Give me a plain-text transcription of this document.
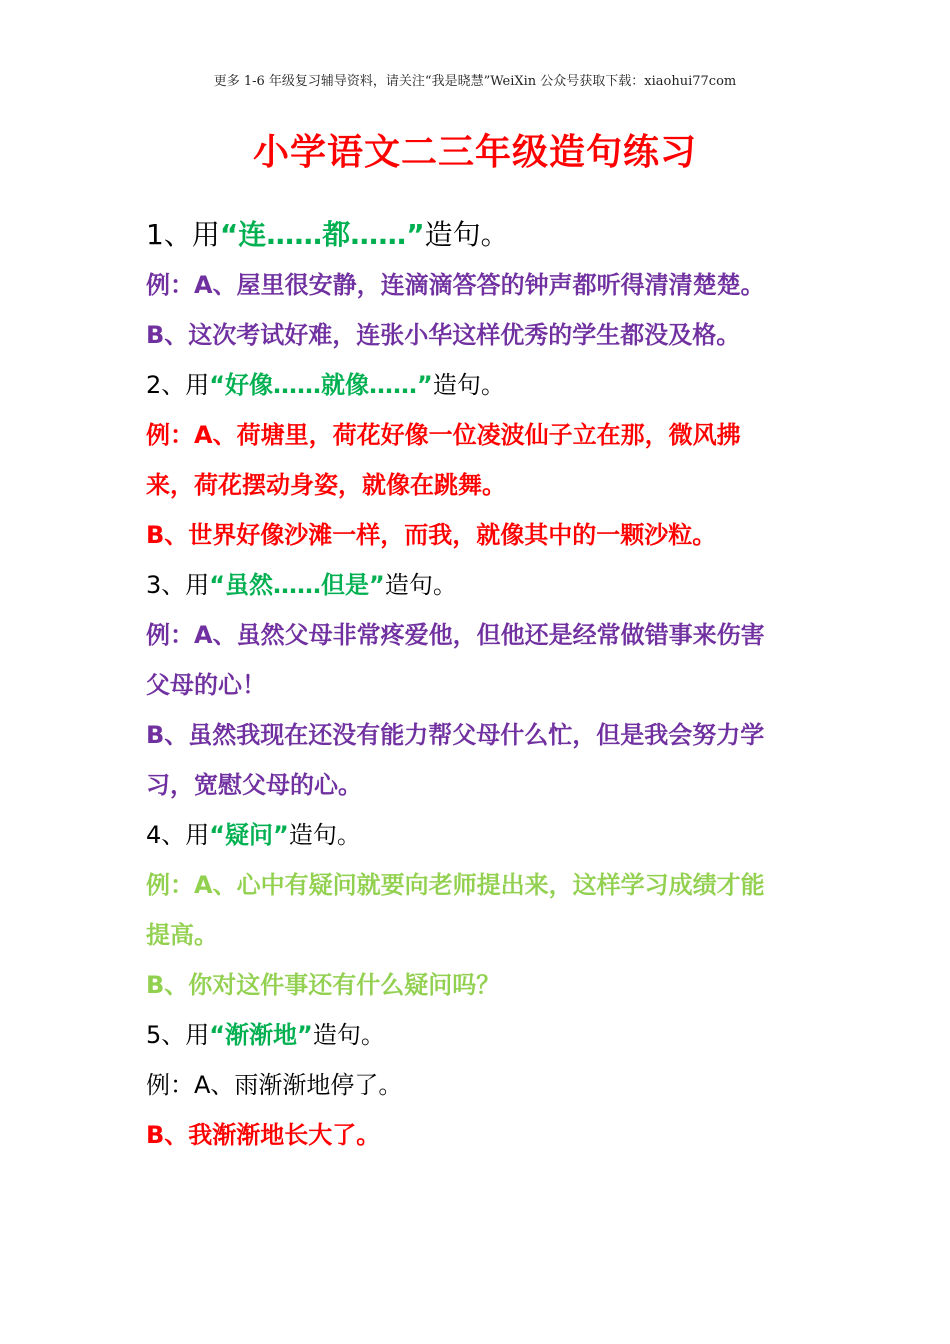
更多 1-6 年级复习辅导资料，请关注“我是晓慧”WeiXin 公众号获取下载：xiaohui77com
小学语文二三年级造句练习
1、用“连……都……”造句。
例：A、屋里很安静，连滴滴答答的钟声都听得清清楚楚。
B、这次考试好难，连张小华这样优秀的学生都没及格。
2、用“好像……就像……”造句。
例：A、荷塘里，荷花好像一位凌波仙子立在那，微风拂
来，荷花摆动身姿，就像在跳舞。
B、世界好像沙滩一样，而我，就像其中的一颗沙粒。
3、用“虽然……但是”造句。
例：A、虽然父母非常疼爱他，但他还是经常做错事来伤害
父母的心！
B、虽然我现在还没有能力帮父母什么忙，但是我会努力学
习，宽慰父母的心。
4、用“疑问”造句。
例：A、心中有疑问就要向老师提出来，这样学习成绩才能
提高。
B、你对这件事还有什么疑问吗？
5、用“渐渐地”造句。
例：A、雨渐渐地停了。
B、我渐渐地长大了。
